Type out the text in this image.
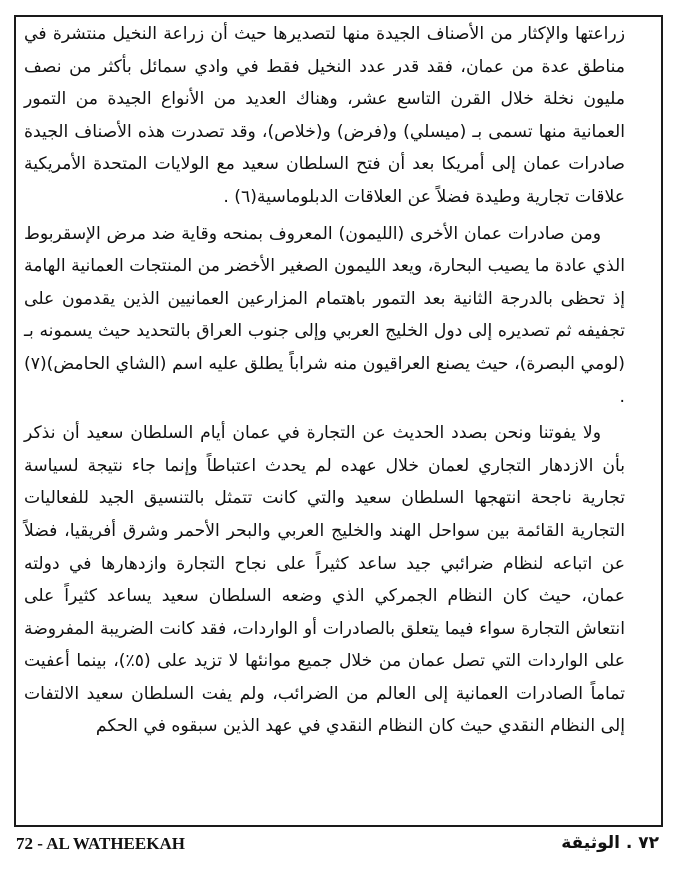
زراعتها والإكثار من الأصناف الجيدة منها لتصديرها حيث أن زراعة النخيل منتشرة في مناطق عدة من عمان، فقد قدر عدد النخيل فقط في وادي سمائل بأكثر من نصف مليون نخلة خلال القرن التاسع عشر، وهناك العديد من الأنواع الجيدة من التمور العمانية منها تسمى بـ (ميسلي) و(فرض) و(خلاص)، وقد تصدرت هذه الأصناف الجيدة صادرات عمان إلى أمريكا بعد أن فتح السلطان سعيد مع الولايات المتحدة الأمريكية علاقات تجارية وطيدة فضلاً عن العلاقات الدبلوماسية(٦) .

ومن صادرات عمان الأخرى (الليمون) المعروف بمنحه وقاية ضد مرض الإسقربوط الذي عادة ما يصيب البحارة، ويعد الليمون الصغير الأخضر من المنتجات العمانية الهامة إذ تحظى بالدرجة الثانية بعد التمور باهتمام المزارعين العمانيين الذين يقدمون على تجفيفه ثم تصديره إلى دول الخليج العربي وإلى جنوب العراق بالتحديد حيث يسمونه بـ (لومي البصرة)، حيث يصنع العراقيون منه شراباً يطلق عليه اسم (الشاي الحامض)(٧) .

ولا يفوتنا ونحن بصدد الحديث عن التجارة في عمان أيام السلطان سعيد أن نذكر بأن الازدهار التجاري لعمان خلال عهده لم يحدث اعتباطاً وإنما جاء نتيجة لسياسة تجارية ناجحة انتهجها السلطان سعيد والتي كانت تتمثل بالتنسيق الجيد للفعاليات التجارية القائمة بين سواحل الهند والخليج العربي والبحر الأحمر وشرق أفريقيا، فضلاً عن اتباعه لنظام ضرائبي جيد ساعد كثيراً على نجاح التجارة وازدهارها في دولته عمان، حيث كان النظام الجمركي الذي وضعه السلطان سعيد يساعد كثيراً على انتعاش التجارة سواء فيما يتعلق بالصادرات أو الواردات، فقد كانت الضريبة المفروضة على الواردات التي تصل عمان من خلال جميع موانئها لا تزيد على (٥٪)، بينما أعفيت تماماً الصادرات العمانية إلى العالم من الضرائب، ولم يفت السلطان سعيد الالتفات إلى النظام النقدي حيث كان النظام النقدي في عهد الذين سبقوه في الحكم

72 - AL WATHEEKAH	٧٢ . الوثيقة
